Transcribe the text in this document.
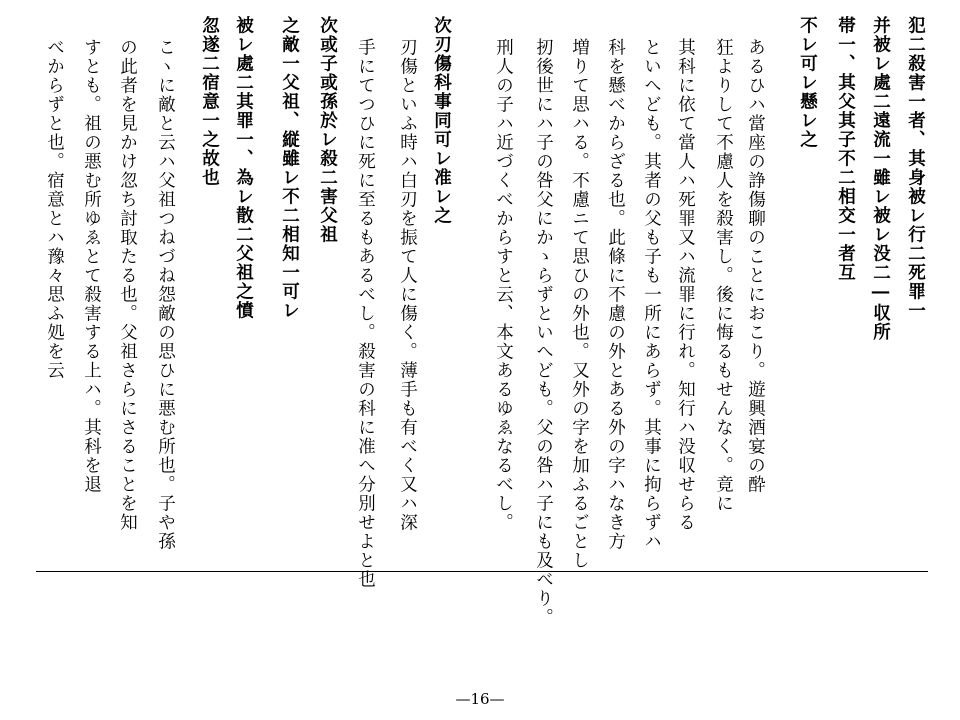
犯二殺害一者、其身被レ行二死罪一
并被レ處二遠流一雖レ被レ没二―収所
帯一、其父其子不二相交一者互
不レ可レ懸レ之
あるひハ當座の諍傷聊のことにおこり。遊興酒宴の酔
狂よりして不慮人を殺害し。後に悔るもせんなく。竟に
其科に依て當人ハ死罪又ハ流罪に行れ。知行ハ没収せらる
といへども。其者の父も子も一所にあらず。其事に拘らずハ
科を懸べからざる也。此條に不慮の外とある外の字ハなき方
増りて思ハる。不慮ニて思ひの外也。又外の字を加ふるごとし
扨後世にハ子の咎父にかゝらずといへども。父の咎ハ子にも及べり。
刑人の子ハ近づくべからすと云、本文あるゆゑなるべし。
次刃傷科事同可レ准レ之
刃傷といふ時ハ白刃を振て人に傷く。薄手も有べく又ハ深
手にてつひに死に至るもあるべし。殺害の科に准へ分別せよと也
次或子或孫於レ殺二害父祖
之敵一父祖、縦雖レ不二相知一可レ
被レ處二其罪一、為レ散二父祖之憤
忽遂二宿意一之故也
こヽに敵と云ハ父祖つねづね怨敵の思ひに悪む所也。子や孫
の此者を見かけ忽ち討取たる也。父祖さらにさることを知
すとも。祖の悪む所ゆゑとて殺害する上ハ。其科を退
べからずと也。宿意とハ豫々思ふ処を云
—16—
